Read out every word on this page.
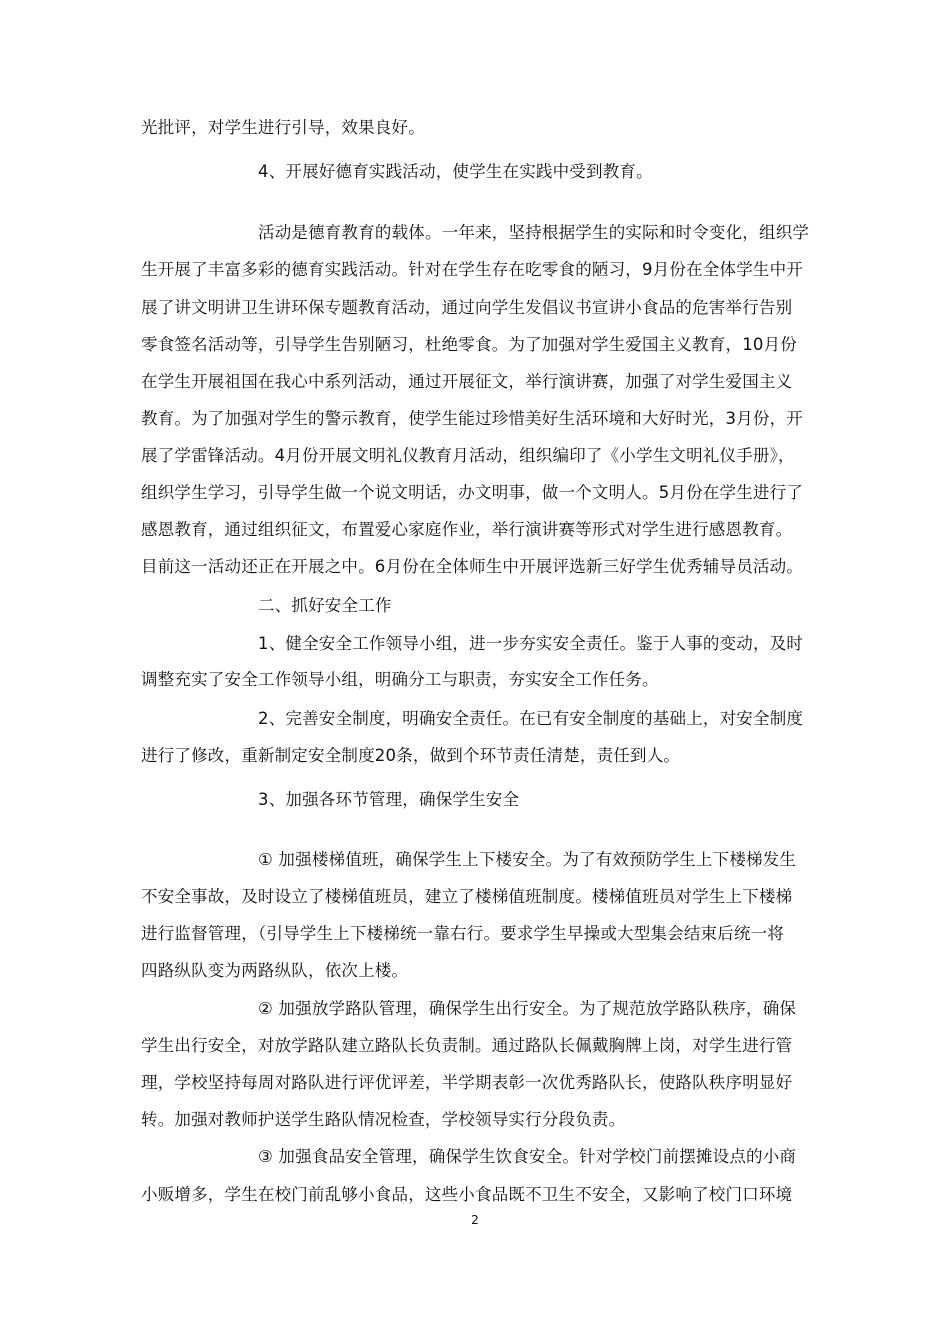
光批评，对学生进行引导，效果良好。
4、开展好德育实践活动，使学生在实践中受到教育。
活动是德育教育的载体。一年来，坚持根据学生的实际和时令变化，组织学
生开展了丰富多彩的德育实践活动。针对在学生存在吃零食的陋习，9月份在全体学生中开
展了讲文明讲卫生讲环保专题教育活动，通过向学生发倡议书宣讲小食品的危害举行告别
零食签名活动等，引导学生告别陋习，杜绝零食。为了加强对学生爱国主义教育，10月份
在学生开展祖国在我心中系列活动，通过开展征文，举行演讲赛，加强了对学生爱国主义
教育。为了加强对学生的警示教育，使学生能过珍惜美好生活环境和大好时光，3月份，开
展了学雷锋活动。4月份开展文明礼仪教育月活动，组织编印了《小学生文明礼仪手册》，
组织学生学习，引导学生做一个说文明话，办文明事，做一个文明人。5月份在学生进行了
感恩教育，通过组织征文，布置爱心家庭作业，举行演讲赛等形式对学生进行感恩教育。
目前这一活动还正在开展之中。6月份在全体师生中开展评选新三好学生优秀辅导员活动。
二、抓好安全工作
1、健全安全工作领导小组，进一步夯实安全责任。鉴于人事的变动，及时
调整充实了安全工作领导小组，明确分工与职责，夯实安全工作任务。
2、完善安全制度，明确安全责任。在已有安全制度的基础上，对安全制度
进行了修改，重新制定安全制度20条，做到个环节责任清楚，责任到人。
3、加强各环节管理，确保学生安全
① 加强楼梯值班，确保学生上下楼安全。为了有效预防学生上下楼梯发生
不安全事故，及时设立了楼梯值班员，建立了楼梯值班制度。楼梯值班员对学生上下楼梯
进行监督管理，（引导学生上下楼梯统一靠右行。要求学生早操或大型集会结束后统一将
四路纵队变为两路纵队，依次上楼。
② 加强放学路队管理，确保学生出行安全。为了规范放学路队秩序，确保
学生出行安全，对放学路队建立路队长负责制。通过路队长佩戴胸牌上岗，对学生进行管
理，学校坚持每周对路队进行评优评差，半学期表彰一次优秀路队长，使路队秩序明显好
转。加强对教师护送学生路队情况检查，学校领导实行分段负责。
③ 加强食品安全管理，确保学生饮食安全。针对学校门前摆摊设点的小商
小贩增多，学生在校门前乱够小食品，这些小食品既不卫生不安全，又影响了校门口环境
2
